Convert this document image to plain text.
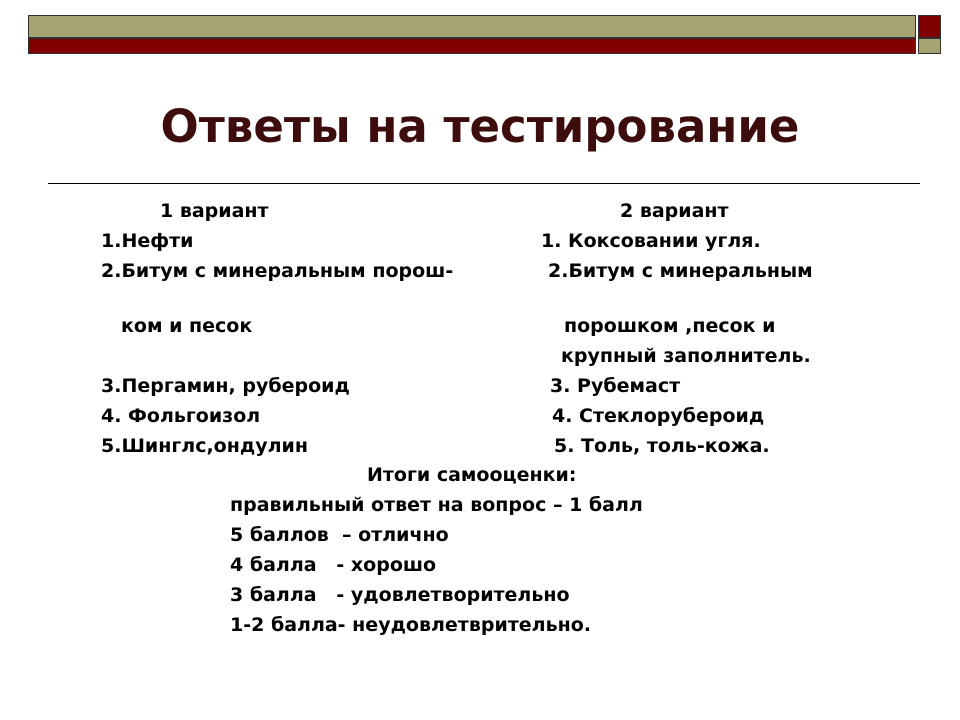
Ответы на тестирование
1 вариант
1.Нефти
2.Битум с минеральным порош-
ком и песок
3.Пергамин, рубероид
4. Фольгоизол
5.Шинглс,ондулин
2 вариант
1. Коксовании угля.
2.Битум с минеральным
порошком ,песок и
крупный заполнитель.
3. Рубемаст
4. Стеклорубероид
5. Толь, толь-кожа.
Итоги самооценки:
правильный ответ на вопрос – 1 балл
5 баллов  – отлично
4 балла   - хорошо
3 балла   - удовлетворительно
1-2 балла- неудовлетврительно.
